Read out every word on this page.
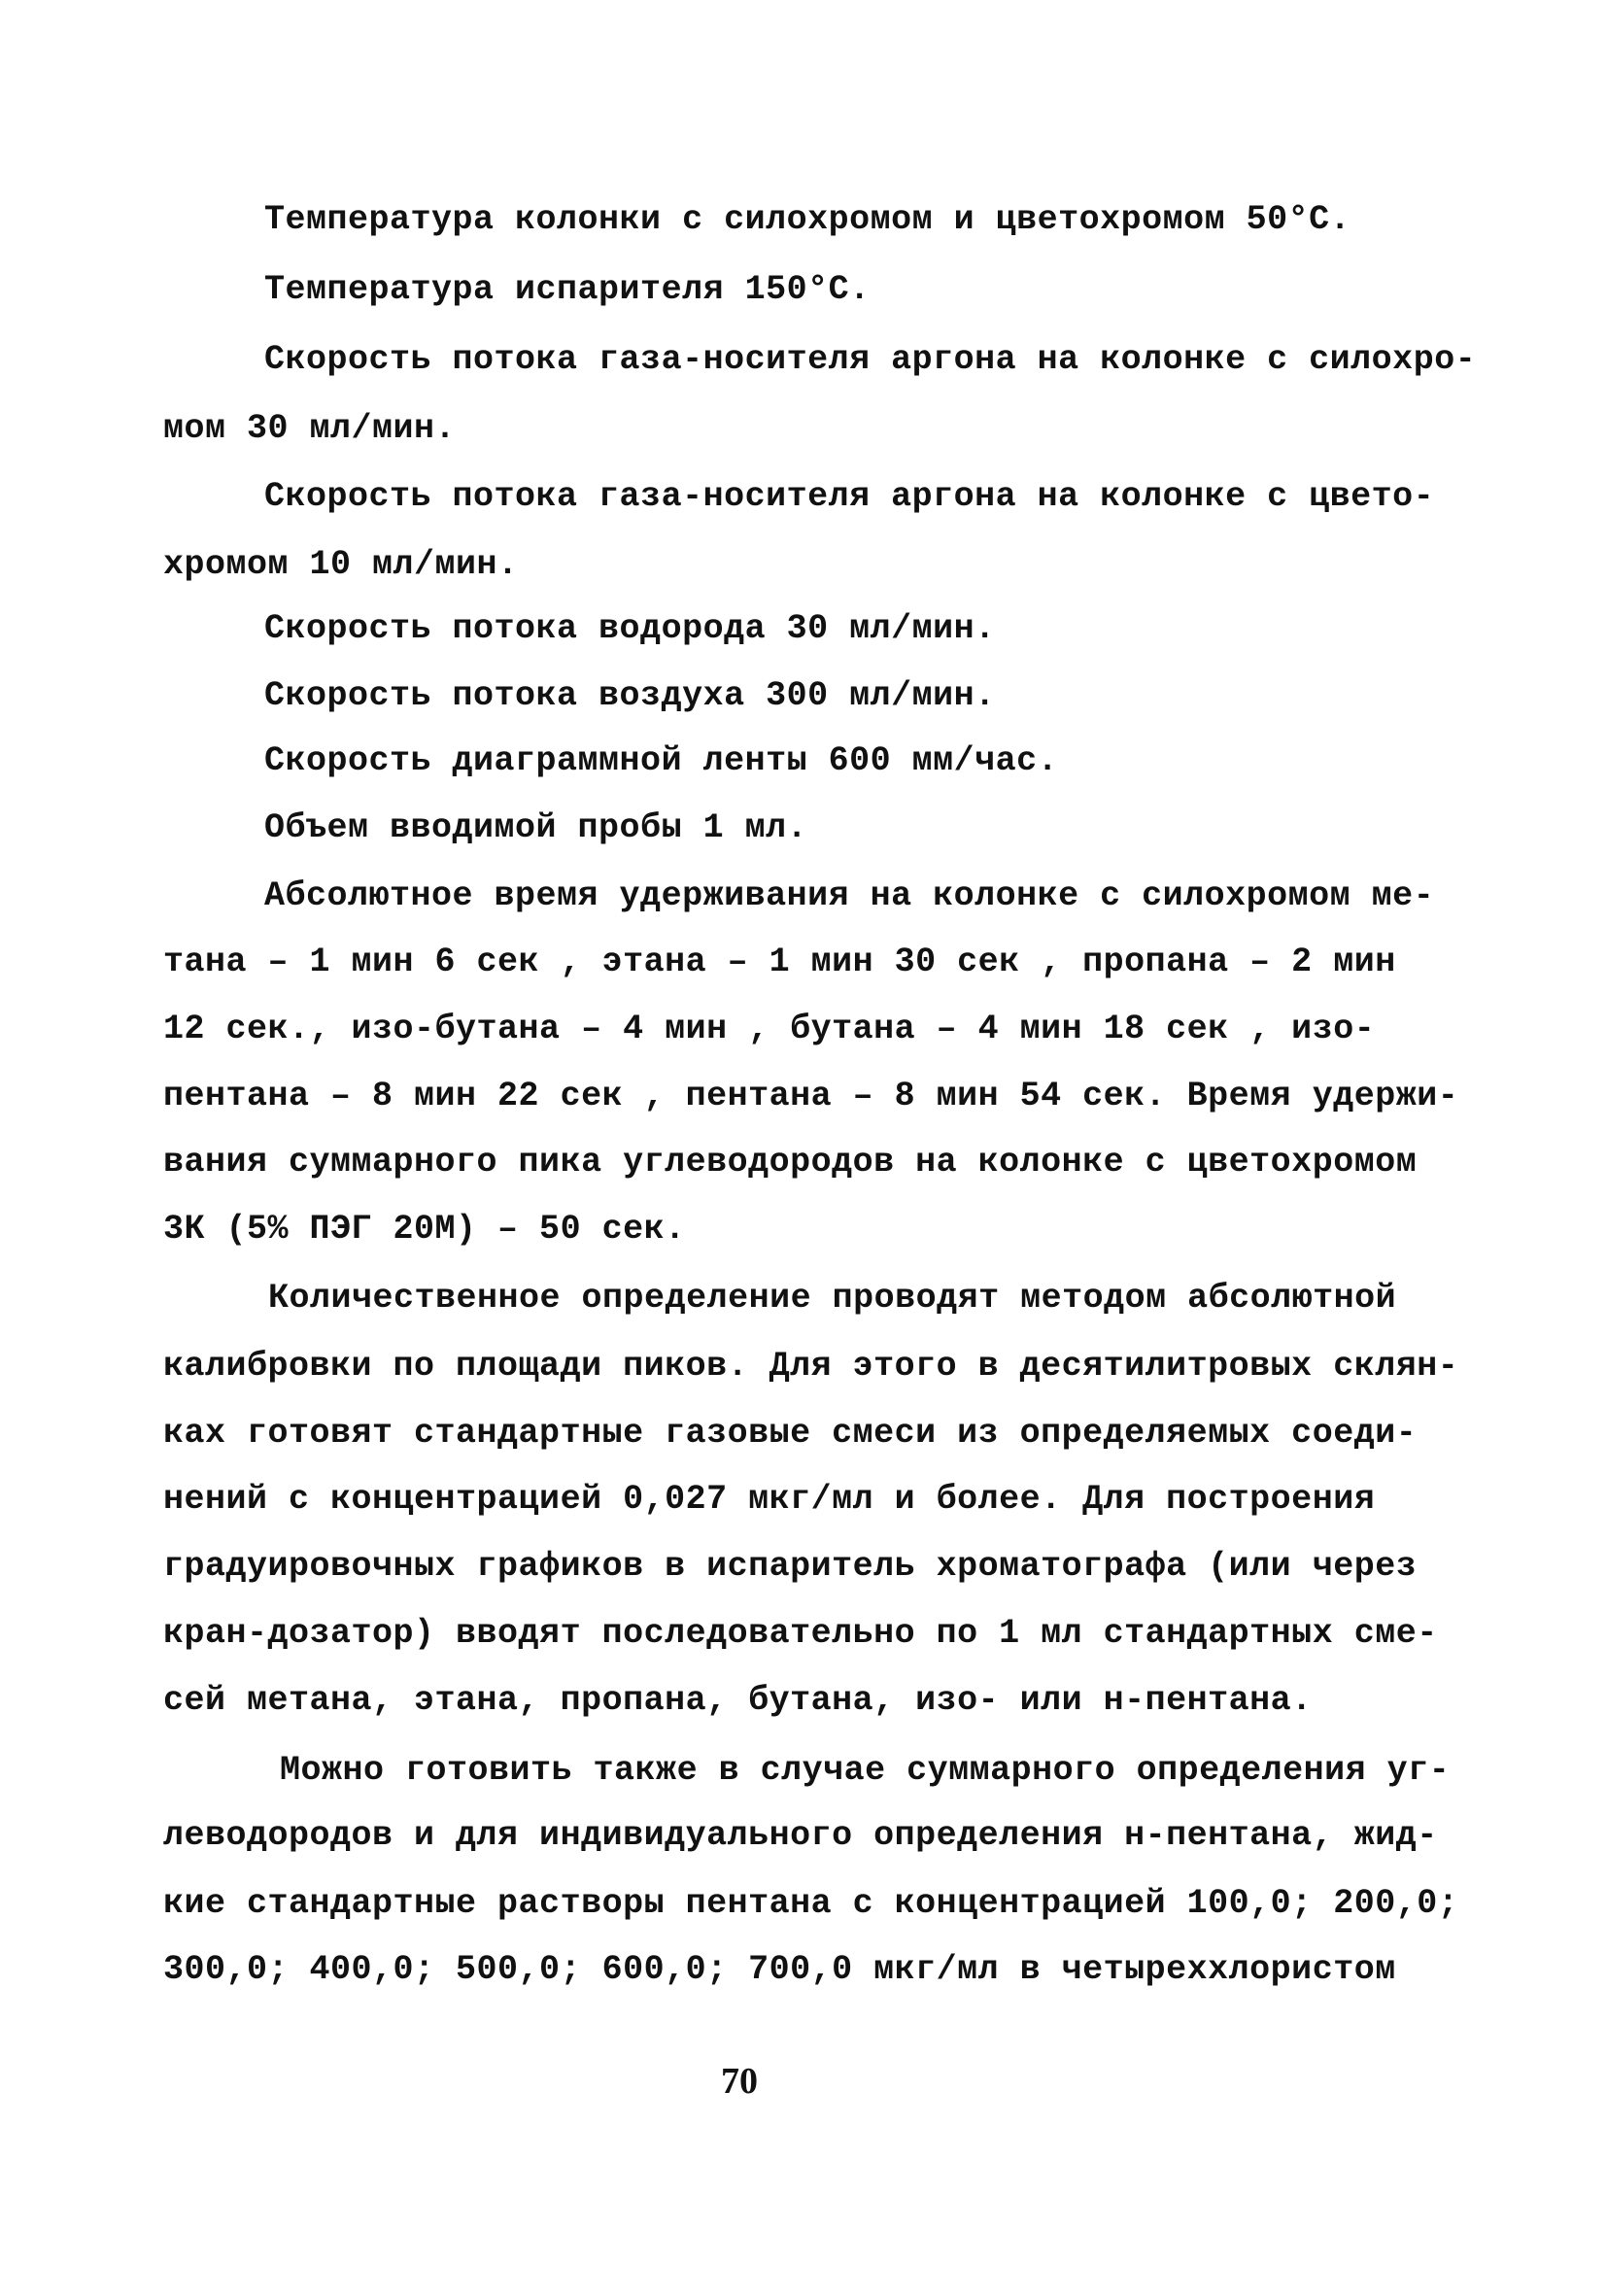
Температура колонки с силохромом и цветохромом 50°C.
Температура испарителя 150°C.
Скорость потока газа-носителя аргона на колонке с силохро-
мом 30 мл/мин.
Скорость потока газа-носителя аргона на колонке с цвето-
хромом 10 мл/мин.
Скорость потока водорода 30 мл/мин.
Скорость потока воздуха 300 мл/мин.
Скорость диаграммной ленты 600 мм/час.
Объем вводимой пробы 1 мл.
Абсолютное время удерживания на колонке с силохромом ме-
тана – 1 мин 6 сек , этана – 1 мин 30 сек , пропана – 2 мин
12 сек., изо-бутана – 4 мин , бутана – 4 мин 18 сек , изо-
пентана – 8 мин 22 сек , пентана – 8 мин 54 сек. Время удержи-
вания суммарного пика углеводородов на колонке с цветохромом
3К (5% ПЭГ 20М) – 50 сек.
Количественное определение проводят методом абсолютной
калибровки по площади пиков. Для этого в десятилитровых склян-
ках готовят стандартные газовые смеси из определяемых соеди-
нений с концентрацией 0,027 мкг/мл и более. Для построения
градуировочных графиков в испаритель хроматографа (или через
кран-дозатор) вводят последовательно по 1 мл стандартных сме-
сей метана, этана, пропана, бутана, изо- или н-пентана.
Можно готовить также в случае суммарного определения уг-
леводородов и для индивидуального определения н-пентана, жид-
кие стандартные растворы пентана с концентрацией 100,0; 200,0;
300,0; 400,0; 500,0; 600,0; 700,0 мкг/мл в четыреххлористом
70
